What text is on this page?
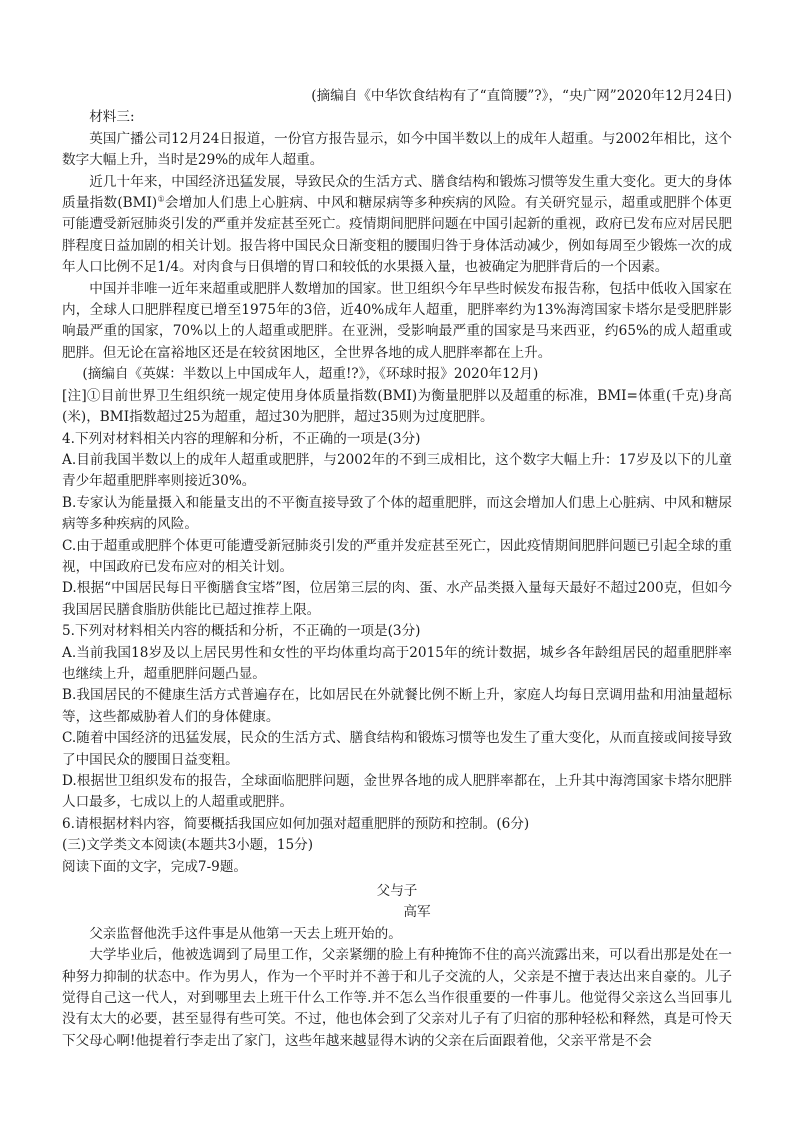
(摘编自《中华饮食结构有了“直筒腰”?》，“央广网”2020年12月24日)

材料三:

英国广播公司12月24日报道，一份官方报告显示，如今中国半数以上的成年人超重。与2002年相比，这个数字大幅上升，当时是29%的成年人超重。

近几十年来，中国经济迅猛发展，导致民众的生活方式、膳食结构和锻炼习惯等发生重大变化。更大的身体质量指数(BMI)①会增加人们患上心脏病、中风和糖尿病等多种疾病的风险。有关研究显示，超重或肥胖个体更可能遭受新冠肺炎引发的严重并发症甚至死亡。疫情期间肥胖问题在中国引起新的重视，政府已发布应对居民肥胖程度日益加剧的相关计划。报告将中国民众日渐变粗的腰围归咎于身体活动减少，例如每周至少锻炼一次的成年人口比例不足1/4。对肉食与日俱增的胃口和较低的水果摄入量，也被确定为肥胖背后的一个因素。

中国并非唯一近年来超重或肥胖人数增加的国家。世卫组织今年早些时候发布报告称，包括中低收入国家在内，全球人口肥胖程度已增至1975年的3倍，近40%成年人超重，肥胖率约为13%海湾国家卡塔尔是受肥胖影响最严重的国家，70%以上的人超重或肥胖。在亚洲，受影响最严重的国家是马来西亚，约65%的成人超重或肥胖。但无论在富裕地区还是在较贫困地区，全世界各地的成人肥胖率都在上升。

(摘编自《英媒：半数以上中国成年人，超重!?》，《环球时报》2020年12月)

[注]①目前世界卫生组织统一规定使用身体质量指数(BMI)为衡量肥胖以及超重的标准，BMI=体重(千克)身高(米)，BMI指数超过25为超重，超过30为肥胖，超过35则为过度肥胖。

4.下列对材料相关内容的理解和分析，不正确的一项是(3分)

A.目前我国半数以上的成年人超重或肥胖，与2002年的不到三成相比，这个数字大幅上升：17岁及以下的儿童青少年超重肥胖率则接近30%。

B.专家认为能量摄入和能量支出的不平衡直接导致了个体的超重肥胖，而这会增加人们患上心脏病、中风和糖尿病等多种疾病的风险。

C.由于超重或肥胖个体更可能遭受新冠肺炎引发的严重并发症甚至死亡，因此疫情期间肥胖问题已引起全球的重视，中国政府已发布应对的相关计划。

D.根据“中国居民每日平衡膳食宝塔”图，位居第三层的肉、蛋、水产品类摄入量每天最好不超过200克，但如今我国居民膳食脂肪供能比已超过推荐上限。

5.下列对材料相关内容的概括和分析，不正确的一项是(3分)

A.当前我国18岁及以上居民男性和女性的平均体重均高于2015年的统计数据，城乡各年龄组居民的超重肥胖率也继续上升，超重肥胖问题凸显。

B.我国居民的不健康生活方式普遍存在，比如居民在外就餐比例不断上升，家庭人均每日烹调用盐和用油量超标等，这些都威胁着人们的身体健康。

C.随着中国经济的迅猛发展，民众的生活方式、膳食结构和锻炼习惯等也发生了重大变化，从而直接或间接导致了中国民众的腰围日益变粗。

D.根据世卫组织发布的报告，全球面临肥胖问题，金世界各地的成人肥胖率都在，上升其中海湾国家卡塔尔肥胖人口最多，七成以上的人超重或肥胖。

6.请根据材料内容，简要概括我国应如何加强对超重肥胖的预防和控制。(6分)

(三)文学类文本阅读(本题共3小题，15分)

阅读下面的文字，完成7-9题。

父与子

高军

父亲监督他洗手这件事是从他第一天去上班开始的。

大学毕业后，他被选调到了局里工作，父亲紧绷的脸上有种掩饰不住的高兴流露出来，可以看出那是处在一种努力抑制的状态中。作为男人，作为一个平时并不善于和儿子交流的人，父亲是不擅于表达出来自豪的。儿子觉得自己这一代人，对到哪里去上班干什么工作等.并不怎么当作很重要的一件事儿。他觉得父亲这么当回事儿没有太大的必要，甚至显得有些可笑。不过，他也体会到了父亲对儿子有了归宿的那种轻松和释然，真是可怜天下父母心啊!他提着行李走出了家门，这些年越来越显得木讷的父亲在后面跟着他，父亲平常是不会
